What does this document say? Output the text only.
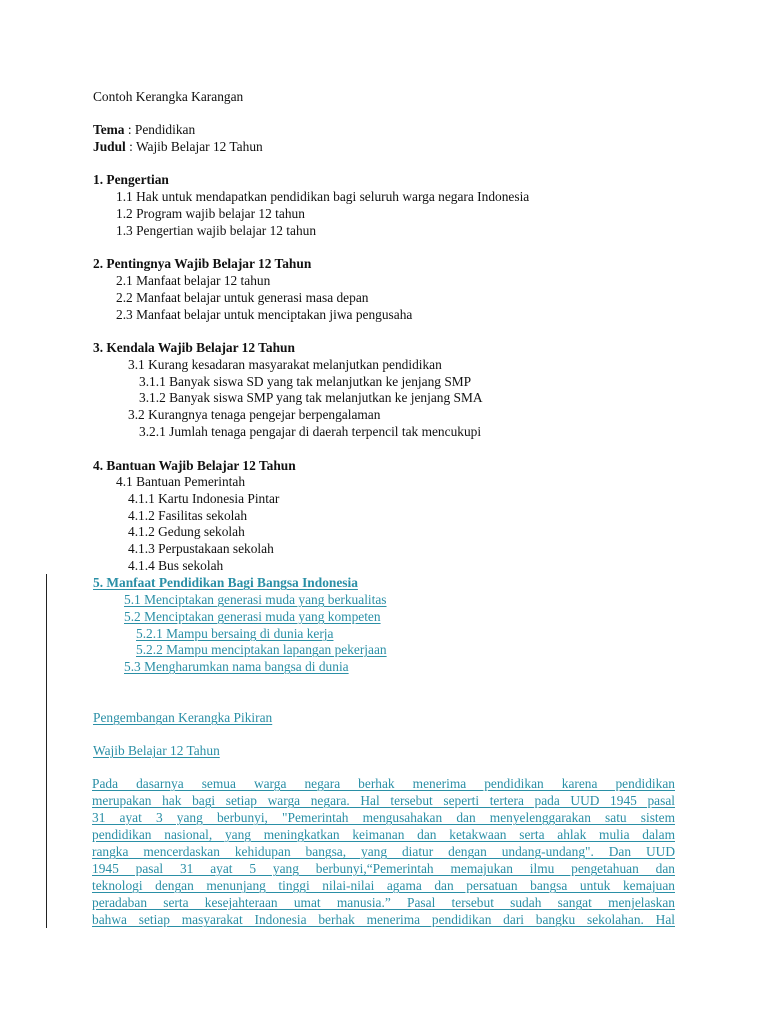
Contoh Kerangka Karangan
Tema : Pendidikan
Judul : Wajib Belajar 12 Tahun
1. Pengertian
1.1 Hak untuk mendapatkan pendidikan bagi seluruh warga negara Indonesia
1.2 Program wajib belajar 12 tahun
1.3 Pengertian wajib belajar 12 tahun
2. Pentingnya Wajib Belajar 12 Tahun
2.1 Manfaat belajar 12 tahun
2.2 Manfaat belajar untuk generasi masa depan
2.3 Manfaat belajar untuk menciptakan jiwa pengusaha
3. Kendala Wajib Belajar 12 Tahun
3.1 Kurang kesadaran masyarakat melanjutkan pendidikan
3.1.1 Banyak siswa SD yang tak melanjutkan ke jenjang SMP
3.1.2 Banyak siswa SMP yang tak melanjutkan ke jenjang SMA
3.2 Kurangnya tenaga pengejar berpengalaman
3.2.1 Jumlah tenaga pengajar di daerah terpencil tak mencukupi
4. Bantuan Wajib Belajar 12 Tahun
4.1 Bantuan Pemerintah
4.1.1 Kartu Indonesia Pintar
4.1.2 Fasilitas sekolah
4.1.2 Gedung sekolah
4.1.3 Perpustakaan sekolah
4.1.4 Bus sekolah
5. Manfaat Pendidikan Bagi Bangsa Indonesia
5.1 Menciptakan generasi muda yang berkualitas
5.2 Menciptakan generasi muda yang kompeten
5.2.1 Mampu bersaing di dunia kerja
5.2.2 Mampu menciptakan lapangan pekerjaan
5.3 Mengharumkan nama bangsa di dunia
Pengembangan Kerangka Pikiran
Wajib Belajar 12 Tahun
Pada dasarnya semua warga negara berhak menerima pendidikan karena pendidikan
merupakan hak bagi setiap warga negara. Hal tersebut seperti tertera pada UUD 1945 pasal
31 ayat 3 yang berbunyi, "Pemerintah mengusahakan dan menyelenggarakan satu sistem
pendidikan nasional, yang meningkatkan keimanan dan ketakwaan serta ahlak mulia dalam
rangka mencerdaskan kehidupan bangsa, yang diatur dengan undang-undang". Dan UUD
1945 pasal 31 ayat 5 yang berbunyi,“Pemerintah memajukan ilmu pengetahuan dan
teknologi dengan menunjang tinggi nilai-nilai agama dan persatuan bangsa untuk kemajuan
peradaban serta kesejahteraan umat manusia.” Pasal tersebut sudah sangat menjelaskan
bahwa setiap masyarakat Indonesia berhak menerima pendidikan dari bangku sekolahan. Hal
